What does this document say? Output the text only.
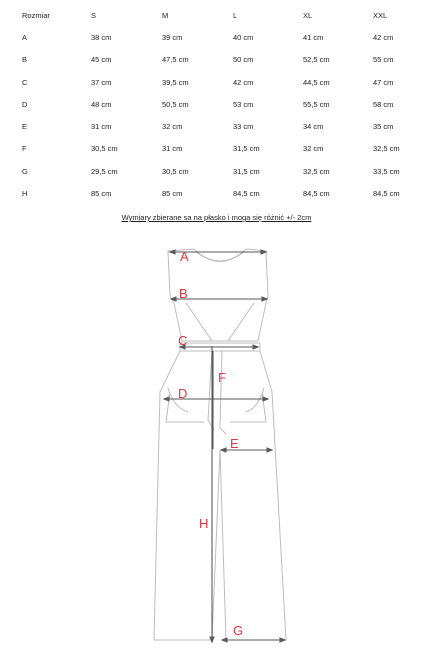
Rozmiar	S	M	L	XL	XXL
A	38 cm	39 cm	40 cm	41 cm	42 cm
B	45 cm	47,5 cm	50 cm	52,5 cm	55 cm
C	37 cm	39,5 cm	42 cm	44,5 cm	47 cm
D	48 cm	50,5 cm	53 cm	55,5 cm	58 cm
E	31 cm	32 cm	33 cm	34 cm	35 cm
F	30,5 cm	31 cm	31,5 cm	32 cm	32,5 cm
G	29,5 cm	30,5 cm	31,5 cm	32,5 cm	33,5 cm
H	85 cm	85 cm	84,5 cm	84,5 cm	84,5 cm
Wymiary zbierane sa na płasko i moga się różnić +/- 2cm
A
B
C
D
E
F
G
H
